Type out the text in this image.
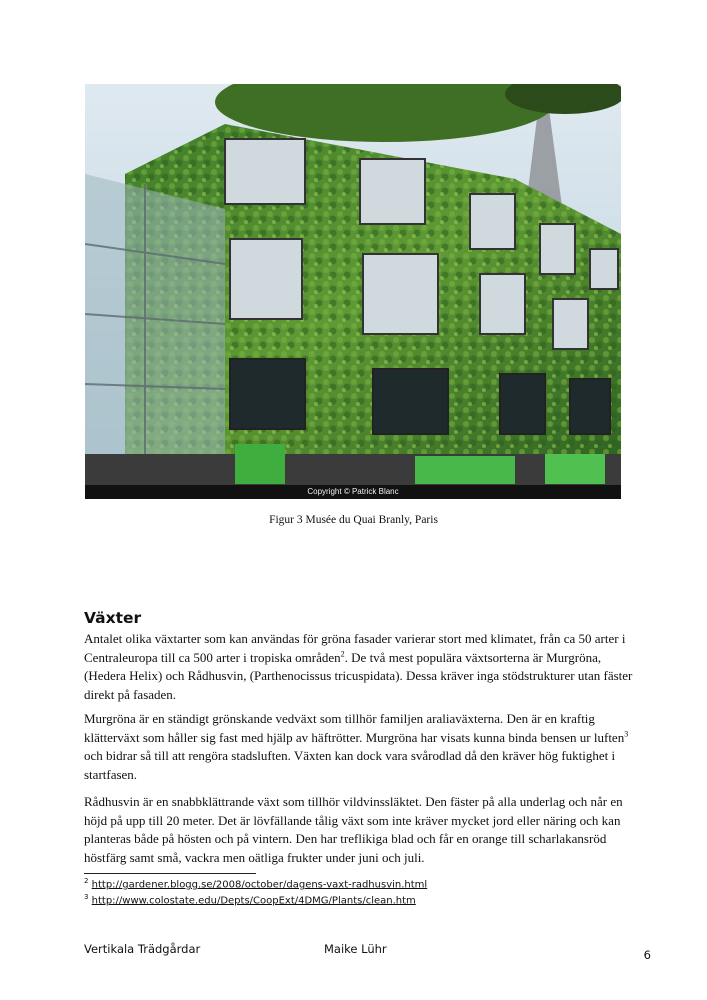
Copyright © Patrick Blanc
Figur 3 Musée du Quai Branly, Paris
Växter

Antalet olika växtarter som kan användas för gröna fasader varierar stort med klimatet, från ca 50 arter i Centraleuropa till ca 500 arter i tropiska områden$^2$. De två mest populära växtsorterna är Murgröna, (Hedera Helix) och Rådhusvin, (Parthenocissus tricuspidata). Dessa kräver inga stödstrukturer utan fäster direkt på fasaden.

Murgröna är en ständigt grönskande vedväxt som tillhör familjen araliaväxterna. Den är en kraftig klätterväxt som håller sig fast med hjälp av häftrötter. Murgröna har visats kunna binda bensen ur luften$^3$ och bidrar så till att rengöra stadsluften. Växten kan dock vara svårodlad då den kräver hög fuktighet i startfasen.

Rådhusvin är en snabbklättrande växt som tillhör vildvinssläktet. Den fäster på alla underlag och når en höjd på upp till 20 meter. Det är lövfällande tålig växt som inte kräver mycket jord eller näring och kan planteras både på hösten och på vintern. Den har treflikiga blad och får en orange till scharlakansröd höstfärg samt små, vackra men oätliga frukter under juni och juli.

$^2$ http://gardener.blogg.se/2008/october/dagens-vaxt-radhusvin.html

$^3$ http://www.colostate.edu/Depts/CoopExt/4DMG/Plants/clean.htm

Vertikala Trädgårdar	Maike Lühr	6
